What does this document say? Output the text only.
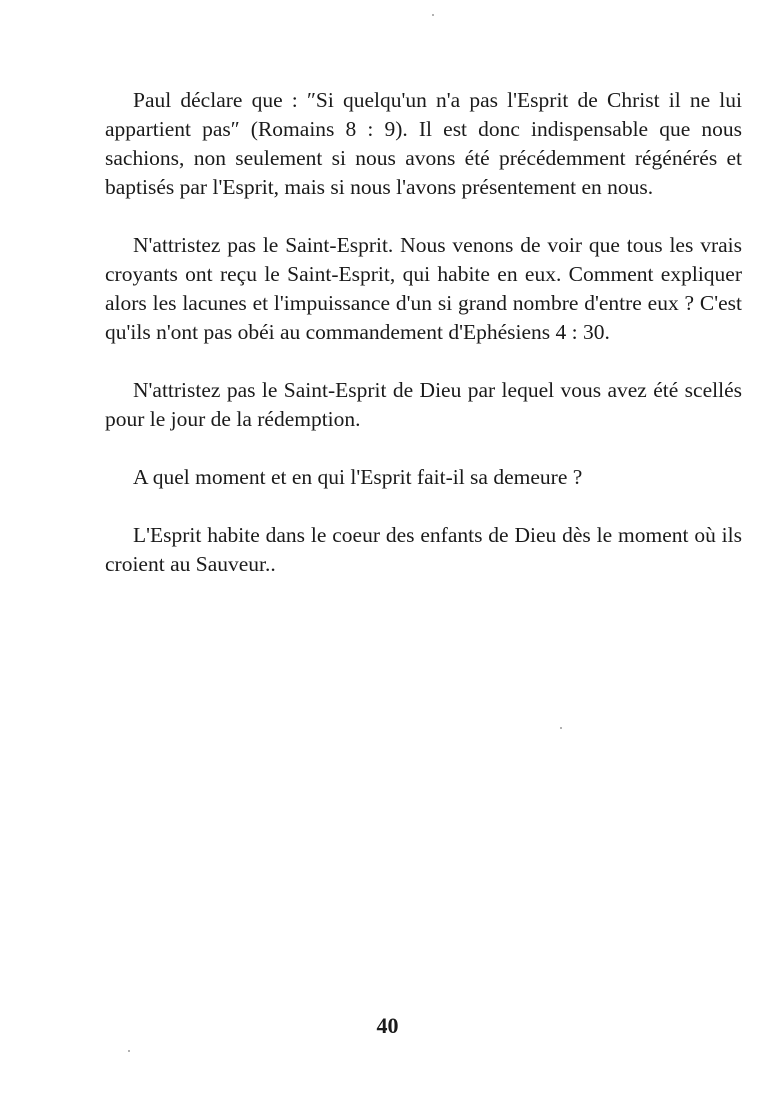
Paul déclare que : ″Si quelqu'un n'a pas l'Esprit de Christ il ne lui appartient pas″ (Romains 8 : 9). Il est donc indispensable que nous sachions, non seulement si nous avons été précédemment régénérés et baptisés par l'Esprit, mais si nous l'avons présentement en nous.

N'attristez pas le Saint-Esprit. Nous venons de voir que tous les vrais croyants ont reçu le Saint-Esprit, qui habite en eux. Comment expliquer alors les lacunes et l'impuissance d'un si grand nombre d'entre eux ? C'est qu'ils n'ont pas obéi au commandement d'Ephésiens 4 : 30.

N'attristez pas le Saint-Esprit de Dieu par lequel vous avez été scellés pour le jour de la rédemption.

A quel moment et en qui l'Esprit fait-il sa demeure ?

L'Esprit habite dans le coeur des enfants de Dieu dès le moment où ils croient au Sauveur..

40
